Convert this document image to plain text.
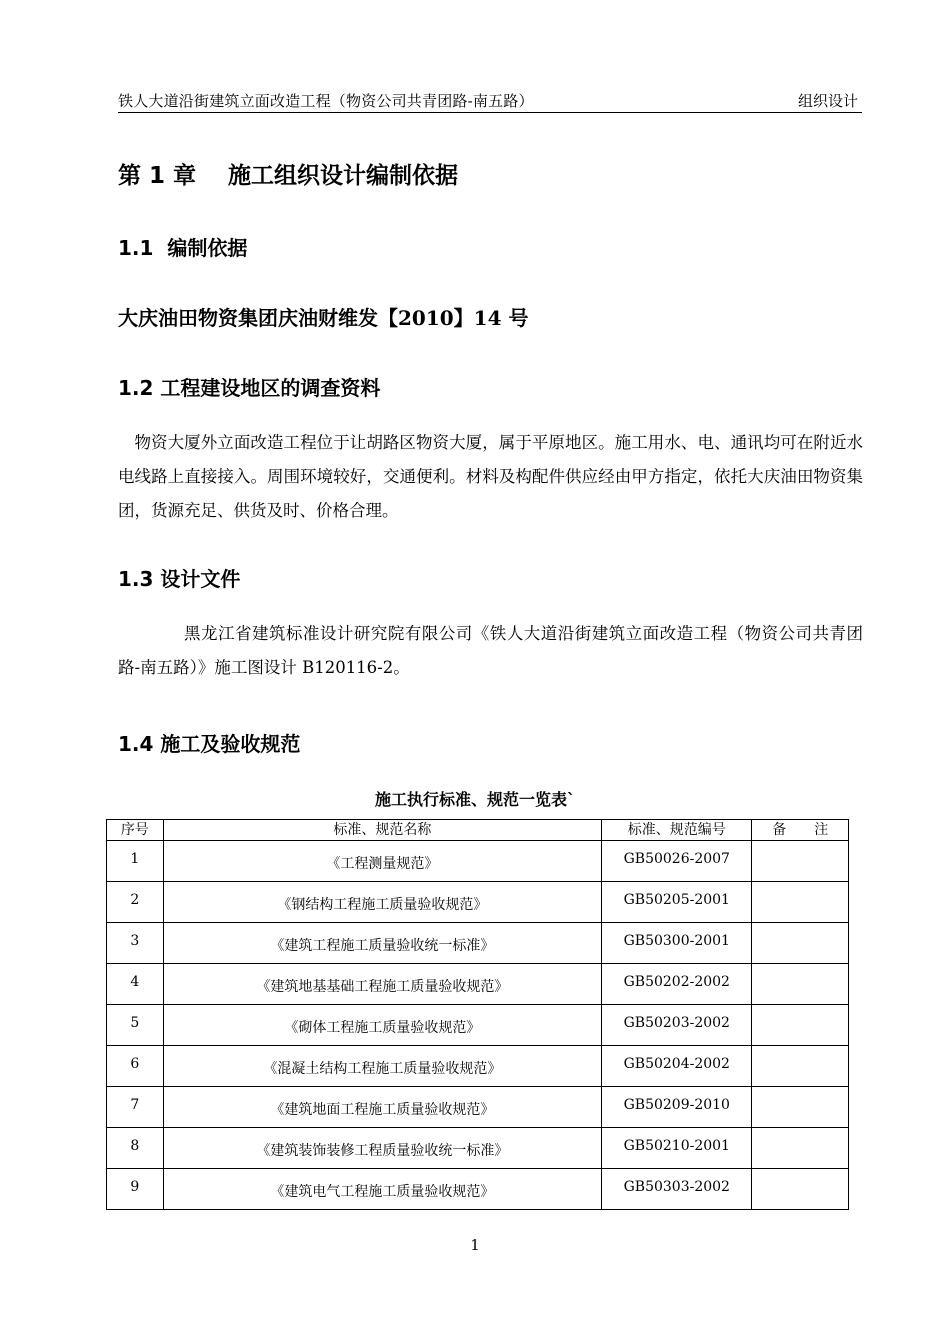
铁人大道沿街建筑立面改造工程（物资公司共青团路-南五路）	组织设计
第 1 章    施工组织设计编制依据
1.1  编制依据
大庆油田物资集团庆油财维发【2010】14 号
1.2 工程建设地区的调查资料
物资大厦外立面改造工程位于让胡路区物资大厦，属于平原地区。施工用水、电、通讯均可在附近水电线路上直接接入。周围环境较好，交通便利。材料及构配件供应经由甲方指定，依托大庆油田物资集团，货源充足、供货及时、价格合理。
1.3 设计文件
黑龙江省建筑标准设计研究院有限公司《铁人大道沿街建筑立面改造工程（物资公司共青团路-南五路）》施工图设计 B120116-2。
1.4 施工及验收规范
施工执行标准、规范一览表`
序号	标准、规范名称	标准、规范编号	备　　注
1	《工程测量规范》	GB50026-2007	
2	《钢结构工程施工质量验收规范》	GB50205-2001	
3	《建筑工程施工质量验收统一标准》	GB50300-2001	
4	《建筑地基基础工程施工质量验收规范》	GB50202-2002	
5	《砌体工程施工质量验收规范》	GB50203-2002	
6	《混凝土结构工程施工质量验收规范》	GB50204-2002	
7	《建筑地面工程施工质量验收规范》	GB50209-2010	
8	《建筑装饰装修工程质量验收统一标准》	GB50210-2001	
9	《建筑电气工程施工质量验收规范》	GB50303-2002	
1
